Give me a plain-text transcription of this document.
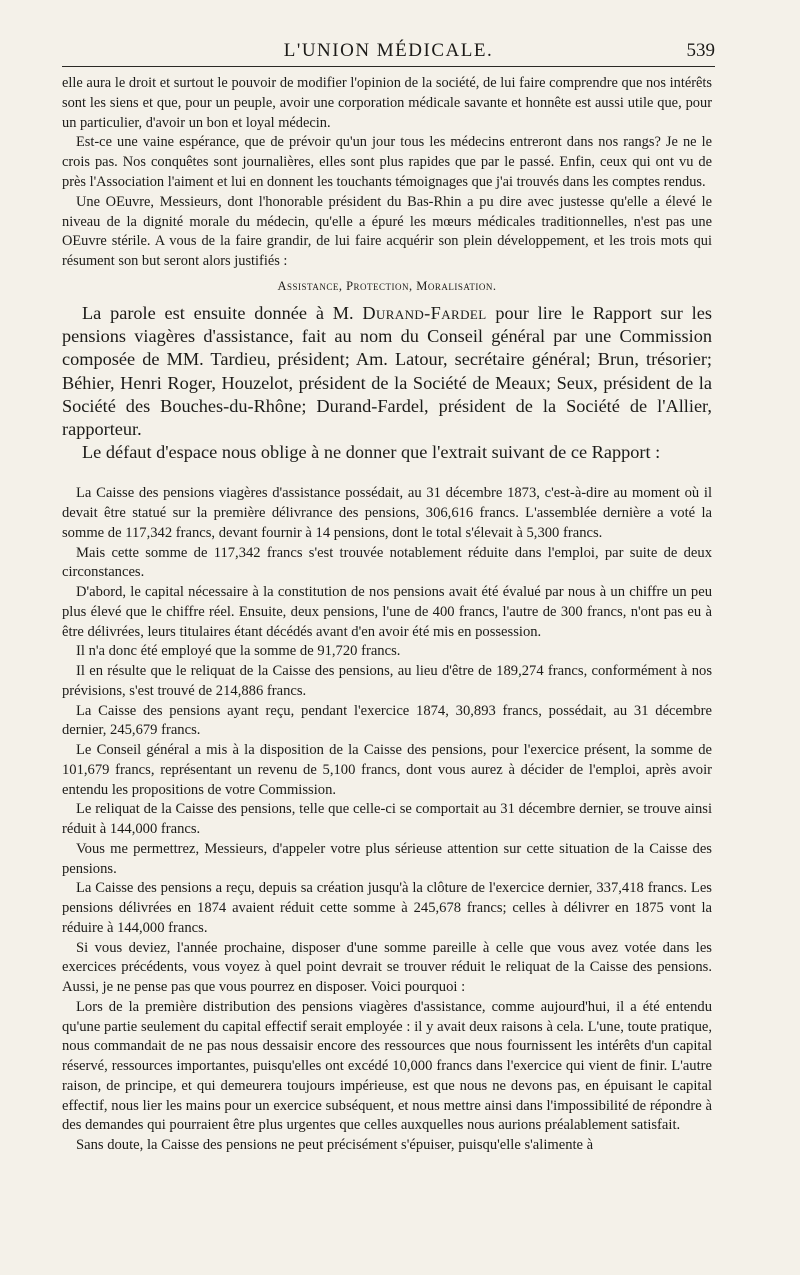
L'UNION MÉDICALE.	539

elle aura le droit et surtout le pouvoir de modifier l'opinion de la société, de lui faire comprendre que nos intérêts sont les siens et que, pour un peuple, avoir une corporation médicale savante et honnête est aussi utile que, pour un particulier, d'avoir un bon et loyal médecin.

Est-ce une vaine espérance, que de prévoir qu'un jour tous les médecins entreront dans nos rangs? Je ne le crois pas. Nos conquêtes sont journalières, elles sont plus rapides que par le passé. Enfin, ceux qui ont vu de près l'Association l'aiment et lui en donnent les touchants témoignages que j'ai trouvés dans les comptes rendus.

Une OEuvre, Messieurs, dont l'honorable président du Bas-Rhin a pu dire avec justesse qu'elle a élevé le niveau de la dignité morale du médecin, qu'elle a épuré les mœurs médicales traditionnelles, n'est pas une OEuvre stérile. A vous de la faire grandir, de lui faire acquérir son plein développement, et les trois mots qui résument son but seront alors justifiés :

Assistance, Protection, Moralisation.

La parole est ensuite donnée à M. Durand-Fardel pour lire le Rapport sur les pensions viagères d'assistance, fait au nom du Conseil général par une Commission composée de MM. Tardieu, président; Am. Latour, secrétaire général; Brun, trésorier; Béhier, Henri Roger, Houzelot, président de la Société de Meaux; Seux, président de la Société des Bouches-du-Rhône; Durand-Fardel, président de la Société de l'Allier, rapporteur.

Le défaut d'espace nous oblige à ne donner que l'extrait suivant de ce Rapport :

La Caisse des pensions viagères d'assistance possédait, au 31 décembre 1873, c'est-à-dire au moment où il devait être statué sur la première délivrance des pensions, 306,616 francs. L'assemblée dernière a voté la somme de 117,342 francs, devant fournir à 14 pensions, dont le total s'élevait à 5,300 francs.

Mais cette somme de 117,342 francs s'est trouvée notablement réduite dans l'emploi, par suite de deux circonstances.

D'abord, le capital nécessaire à la constitution de nos pensions avait été évalué par nous à un chiffre un peu plus élevé que le chiffre réel. Ensuite, deux pensions, l'une de 400 francs, l'autre de 300 francs, n'ont pas eu à être délivrées, leurs titulaires étant décédés avant d'en avoir été mis en possession.

Il n'a donc été employé que la somme de 91,720 francs.

Il en résulte que le reliquat de la Caisse des pensions, au lieu d'être de 189,274 francs, conformément à nos prévisions, s'est trouvé de 214,886 francs.

La Caisse des pensions ayant reçu, pendant l'exercice 1874, 30,893 francs, possédait, au 31 décembre dernier, 245,679 francs.

Le Conseil général a mis à la disposition de la Caisse des pensions, pour l'exercice présent, la somme de 101,679 francs, représentant un revenu de 5,100 francs, dont vous aurez à décider de l'emploi, après avoir entendu les propositions de votre Commission.

Le reliquat de la Caisse des pensions, telle que celle-ci se comportait au 31 décembre dernier, se trouve ainsi réduit à 144,000 francs.

Vous me permettrez, Messieurs, d'appeler votre plus sérieuse attention sur cette situation de la Caisse des pensions.

La Caisse des pensions a reçu, depuis sa création jusqu'à la clôture de l'exercice dernier, 337,418 francs. Les pensions délivrées en 1874 avaient réduit cette somme à 245,678 francs; celles à délivrer en 1875 vont la réduire à 144,000 francs.

Si vous deviez, l'année prochaine, disposer d'une somme pareille à celle que vous avez votée dans les exercices précédents, vous voyez à quel point devrait se trouver réduit le reliquat de la Caisse des pensions. Aussi, je ne pense pas que vous pourrez en disposer. Voici pourquoi :

Lors de la première distribution des pensions viagères d'assistance, comme aujourd'hui, il a été entendu qu'une partie seulement du capital effectif serait employée : il y avait deux raisons à cela. L'une, toute pratique, nous commandait de ne pas nous dessaisir encore des ressources que nous fournissent les intérêts d'un capital réservé, ressources importantes, puisqu'elles ont excédé 10,000 francs dans l'exercice qui vient de finir. L'autre raison, de principe, et qui demeurera toujours impérieuse, est que nous ne devons pas, en épuisant le capital effectif, nous lier les mains pour un exercice subséquent, et nous mettre ainsi dans l'impossibilité de répondre à des demandes qui pourraient être plus urgentes que celles auxquelles nous aurions préalablement satisfait.

Sans doute, la Caisse des pensions ne peut précisément s'épuiser, puisqu'elle s'alimente à
